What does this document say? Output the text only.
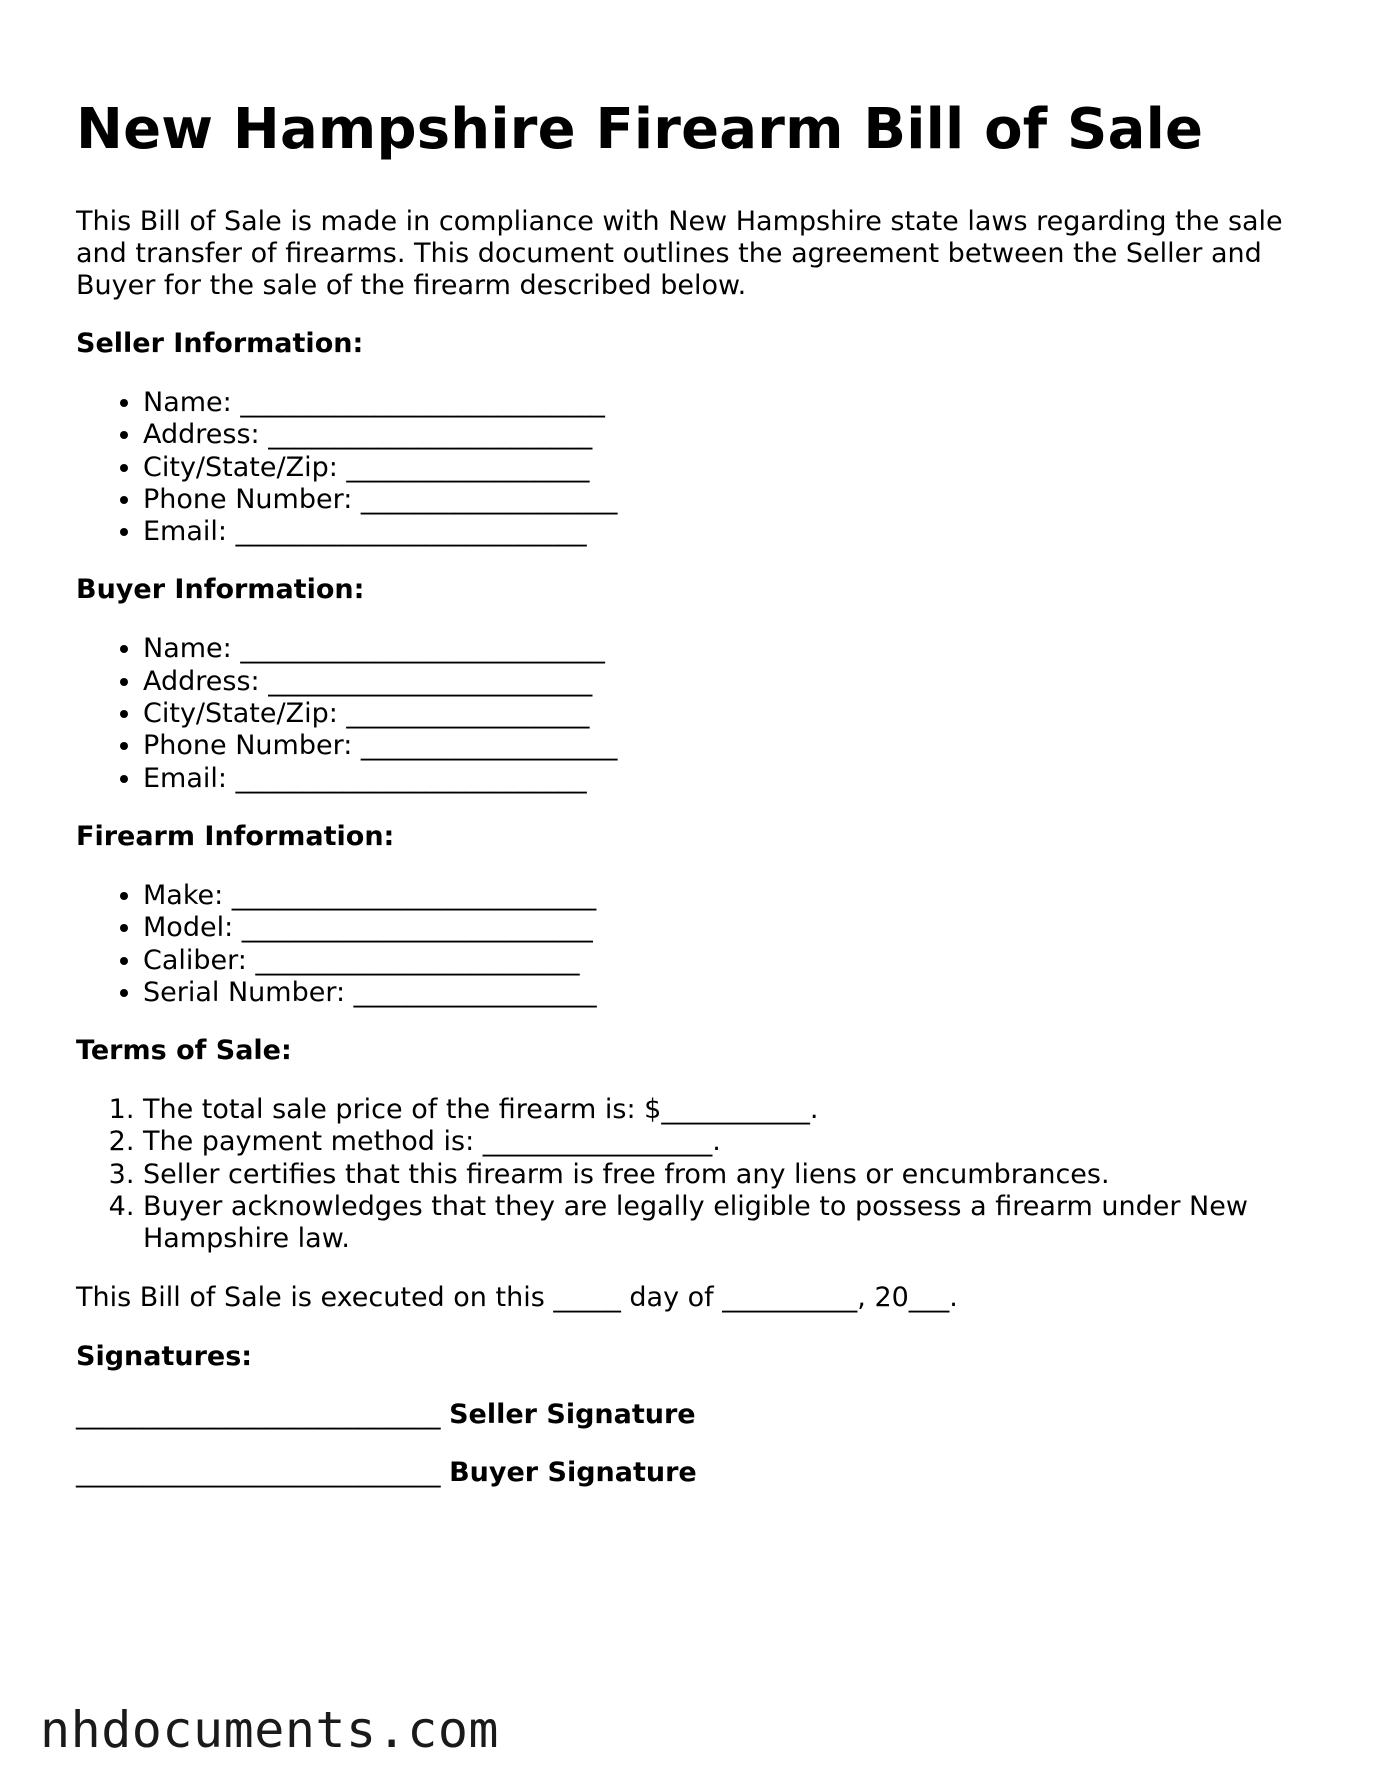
New Hampshire Firearm Bill of Sale

This Bill of Sale is made in compliance with New Hampshire state laws regarding the sale and transfer of firearms. This document outlines the agreement between the Seller and Buyer for the sale of the firearm described below.

Seller Information:

• Name: ___________________________
• Address: ________________________
• City/State/Zip: __________________
• Phone Number: ___________________
• Email: __________________________

Buyer Information:

• Name: ___________________________
• Address: ________________________
• City/State/Zip: __________________
• Phone Number: ___________________
• Email: __________________________

Firearm Information:

• Make: ___________________________
• Model: __________________________
• Caliber: ________________________
• Serial Number: __________________

Terms of Sale:

1. The total sale price of the firearm is: $___________.
2. The payment method is: _________________.
3. Seller certifies that this firearm is free from any liens or encumbrances.
4. Buyer acknowledges that they are legally eligible to possess a firearm under New Hampshire law.

This Bill of Sale is executed on this _____ day of __________, 20___.

Signatures:

___________________________ Seller Signature

___________________________ Buyer Signature

nhdocuments.com
